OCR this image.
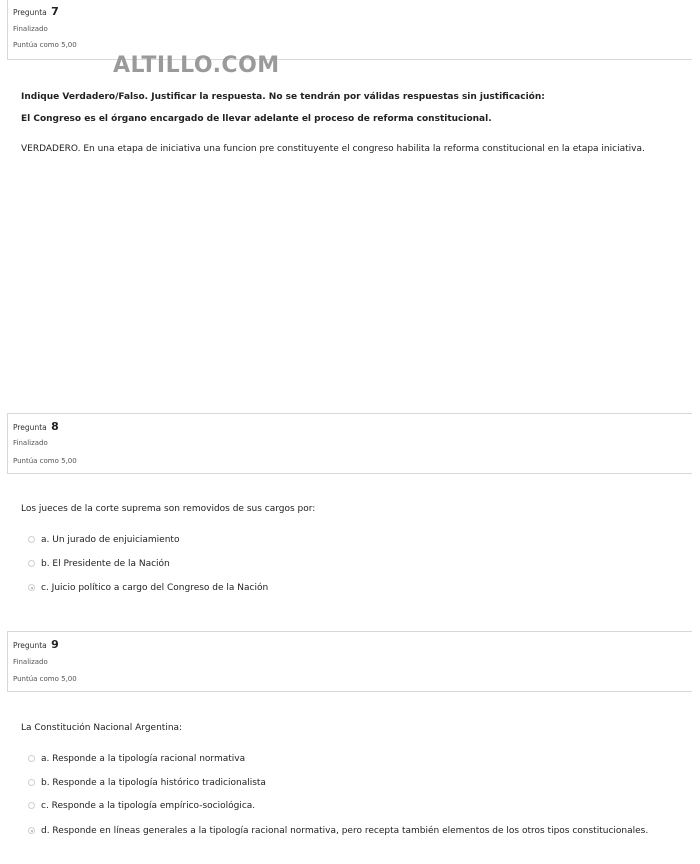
Pregunta 7
Finalizado
Puntúa como 5,00
ALTILLO.COM
Indique Verdadero/Falso. Justificar la respuesta. No se tendrán por válidas respuestas sin justificación:
El Congreso es el órgano encargado de llevar adelante el proceso de reforma constitucional.
VERDADERO. En una etapa de iniciativa una funcion pre constituyente el congreso habilita la reforma constitucional en la etapa iniciativa.
Pregunta 8
Finalizado
Puntúa como 5,00
Los jueces de la corte suprema son removidos de sus cargos por:
a. Un jurado de enjuiciamiento
b. El Presidente de la Nación
c. Juicio político a cargo del Congreso de la Nación
Pregunta 9
Finalizado
Puntúa como 5,00
La Constitución Nacional Argentina:
a. Responde a la tipología racional normativa
b. Responde a la tipología histórico tradicionalista
c. Responde a la tipología empírico-sociológica.
d. Responde en líneas generales a la tipología racional normativa, pero recepta también elementos de los otros tipos constitucionales.
